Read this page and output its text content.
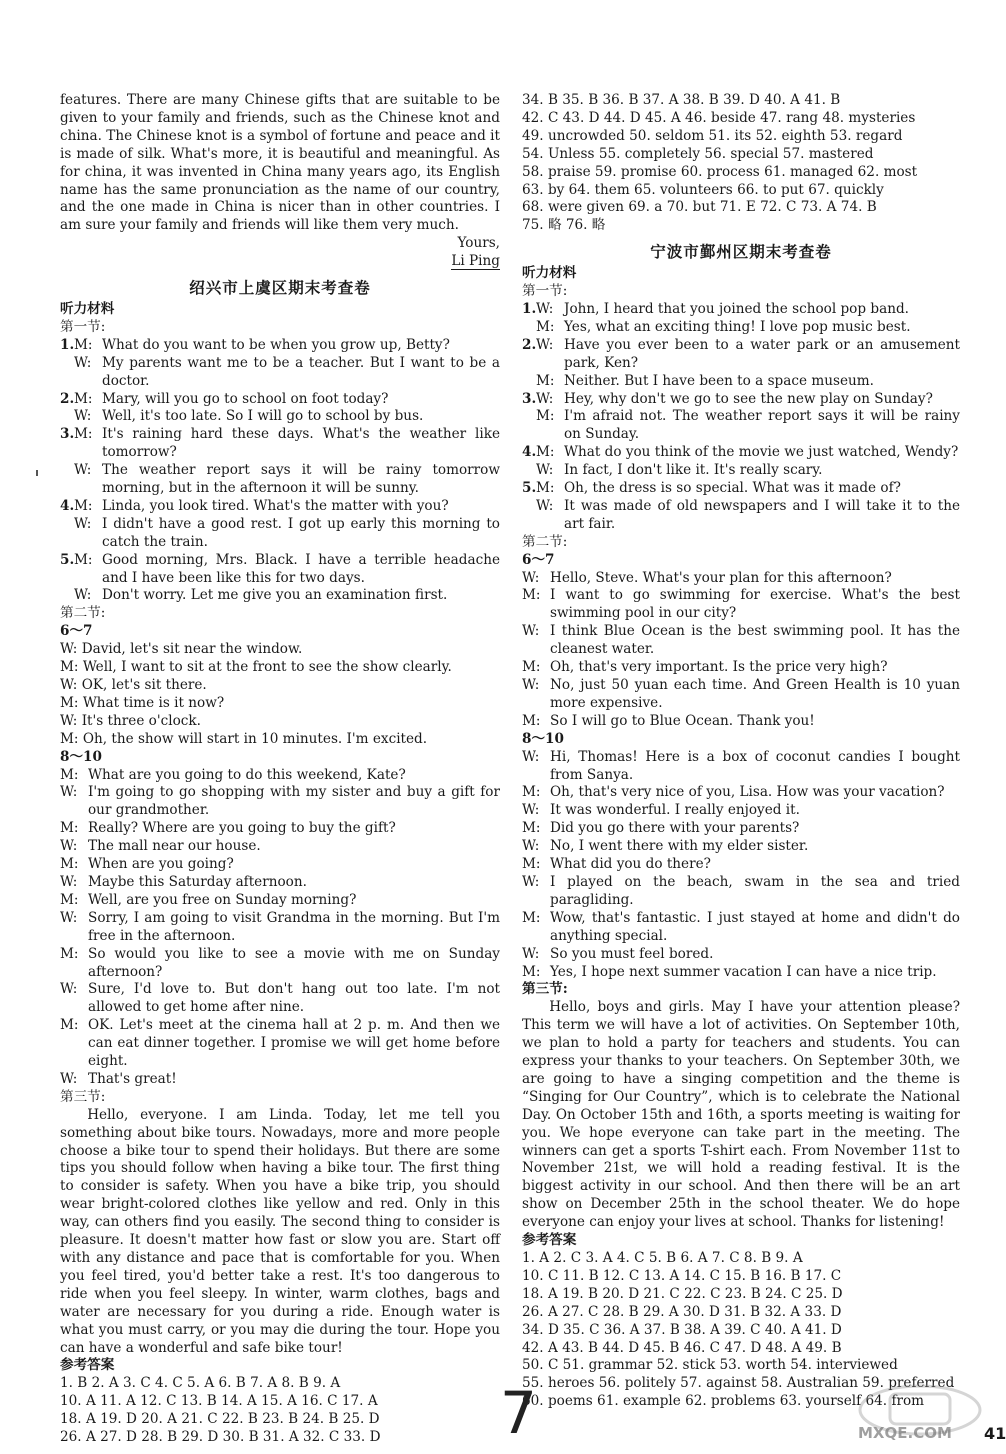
features. There are many Chinese gifts that are suitable to be given to your family and friends, such as the Chinese knot and china. The Chinese knot is a symbol of fortune and peace and it is made of silk. What's more, it is beautiful and meaningful. As for china, it was invented in China many years ago, its English name has the same pronunciation as the name of our country, and the one made in China is nicer than in other countries. I am sure your family and friends will like them very much.

Yours,

Li Ping

绍兴市上虞区期末考查卷

听力材料

第一节:

1. M: What do you want to be when you grow up, Betty?
W: My parents want me to be a teacher. But I want to be a doctor.
2. M: Mary, will you go to school on foot today?
W: Well, it's too late. So I will go to school by bus.
3. M: It's raining hard these days. What's the weather like tomorrow?
W: The weather report says it will be rainy tomorrow morning, but in the afternoon it will be sunny.
4. M: Linda, you look tired. What's the matter with you?
W: I didn't have a good rest. I got up early this morning to catch the train.
5. M: Good morning, Mrs. Black. I have a terrible headache and I have been like this for two days.
W: Don't worry. Let me give you an examination first.

第二节:

6～7

W: David, let's sit near the window.

M: Well, I want to sit at the front to see the show clearly.

W: OK, let's sit there.

M: What time is it now?

W: It's three o'clock.

M: Oh, the show will start in 10 minutes. I'm excited.

8～10

M: What are you going to do this weekend, Kate?
W: I'm going to go shopping with my sister and buy a gift for our grandmother.
M: Really? Where are you going to buy the gift?
W: The mall near our house.
M: When are you going?
W: Maybe this Saturday afternoon.
M: Well, are you free on Sunday morning?
W: Sorry, I am going to visit Grandma in the morning. But I'm free in the afternoon.
M: So would you like to see a movie with me on Sunday afternoon?
W: Sure, I'd love to. But don't hang out too late. I'm not allowed to get home after nine.
M: OK. Let's meet at the cinema hall at 2 p. m. And then we can eat dinner together. I promise we will get home before eight.
W: That's great!

第三节:

Hello, everyone. I am Linda. Today, let me tell you something about bike tours. Nowadays, more and more people choose a bike tour to spend their holidays. But there are some tips you should follow when having a bike tour. The first thing to consider is safety. When you have a bike trip, you should wear bright-colored clothes like yellow and red. Only in this way, can others find you easily. The second thing to consider is pleasure. It doesn't matter how fast or slow you are. Start off with any distance and pace that is comfortable for you. When you feel tired, you'd better take a rest. It's too dangerous to ride when you feel sleepy. In winter, warm clothes, bags and water are necessary for you during a ride. Enough water is what you must carry, or you may die during the tour. Hope you can have a wonderful and safe bike tour!

参考答案

1. B 2. A 3. C 4. C 5. A 6. B 7. A 8. B 9. A

10. A 11. A 12. C 13. B 14. A 15. A 16. C 17. A

18. A 19. D 20. A 21. C 22. B 23. B 24. B 25. D

26. A 27. D 28. B 29. D 30. B 31. A 32. C 33. D

34. B 35. B 36. B 37. A 38. B 39. D 40. A 41. B

42. C 43. D 44. D 45. A 46. beside 47. rang 48. mysteries

49. uncrowded 50. seldom 51. its 52. eighth 53. regard

54. Unless 55. completely 56. special 57. mastered

58. praise 59. promise 60. process 61. managed 62. most

63. by 64. them 65. volunteers 66. to put 67. quickly

68. were given 69. a 70. but 71. E 72. C 73. A 74. B

75. 略 76. 略

宁波市鄞州区期末考查卷

听力材料

第一节:

1. W: John, I heard that you joined the school pop band.
M: Yes, what an exciting thing! I love pop music best.
2. W: Have you ever been to a water park or an amusement park, Ken?
M: Neither. But I have been to a space museum.
3. W: Hey, why don't we go to see the new play on Sunday?
M: I'm afraid not. The weather report says it will be rainy on Sunday.
4. M: What do you think of the movie we just watched, Wendy?
W: In fact, I don't like it. It's really scary.
5. M: Oh, the dress is so special. What was it made of?
W: It was made of old newspapers and I will take it to the art fair.

第二节:

6～7

W: Hello, Steve. What's your plan for this afternoon?
M: I want to go swimming for exercise. What's the best swimming pool in our city?
W: I think Blue Ocean is the best swimming pool. It has the cleanest water.
M: Oh, that's very important. Is the price very high?
W: No, just 50 yuan each time. And Green Health is 10 yuan more expensive.
M: So I will go to Blue Ocean. Thank you!

8～10

W: Hi, Thomas! Here is a box of coconut candies I bought from Sanya.
M: Oh, that's very nice of you, Lisa. How was your vacation?
W: It was wonderful. I really enjoyed it.
M: Did you go there with your parents?
W: No, I went there with my elder sister.
M: What did you do there?
W: I played on the beach, swam in the sea and tried paragliding.
M: Wow, that's fantastic. I just stayed at home and didn't do anything special.
W: So you must feel bored.
M: Yes, I hope next summer vacation I can have a nice trip.

第三节:

Hello, boys and girls. May I have your attention please? This term we will have a lot of activities. On September 10th, we plan to hold a party for teachers and students. You can express your thanks to your teachers. On September 30th, we are going to have a singing competition and the theme is “Singing for Our Country”, which is to celebrate the National Day. On October 15th and 16th, a sports meeting is waiting for you. We hope everyone can take part in the meeting. The winners can get a sports T-shirt each. From November 11st to November 21st, we will hold a reading festival. It is the biggest activity in our school. And then there will be an art show on December 25th in the school theater. We do hope everyone can enjoy your lives at school. Thanks for listening!

参考答案

1. A 2. C 3. A 4. C 5. B 6. A 7. C 8. B 9. A

10. C 11. B 12. C 13. A 14. C 15. B 16. B 17. C

18. A 19. B 20. D 21. C 22. C 23. B 24. C 25. D

26. A 27. C 28. B 29. A 30. D 31. B 32. A 33. D

34. D 35. C 36. A 37. B 38. A 39. C 40. A 41. D

42. A 43. B 44. D 45. B 46. C 47. D 48. A 49. B

50. C 51. grammar 52. stick 53. worth 54. interviewed

55. heroes 56. politely 57. against 58. Australian 59. preferred

60. poems 61. example 62. problems 63. yourself 64. from

MXQE.COM
7	41
